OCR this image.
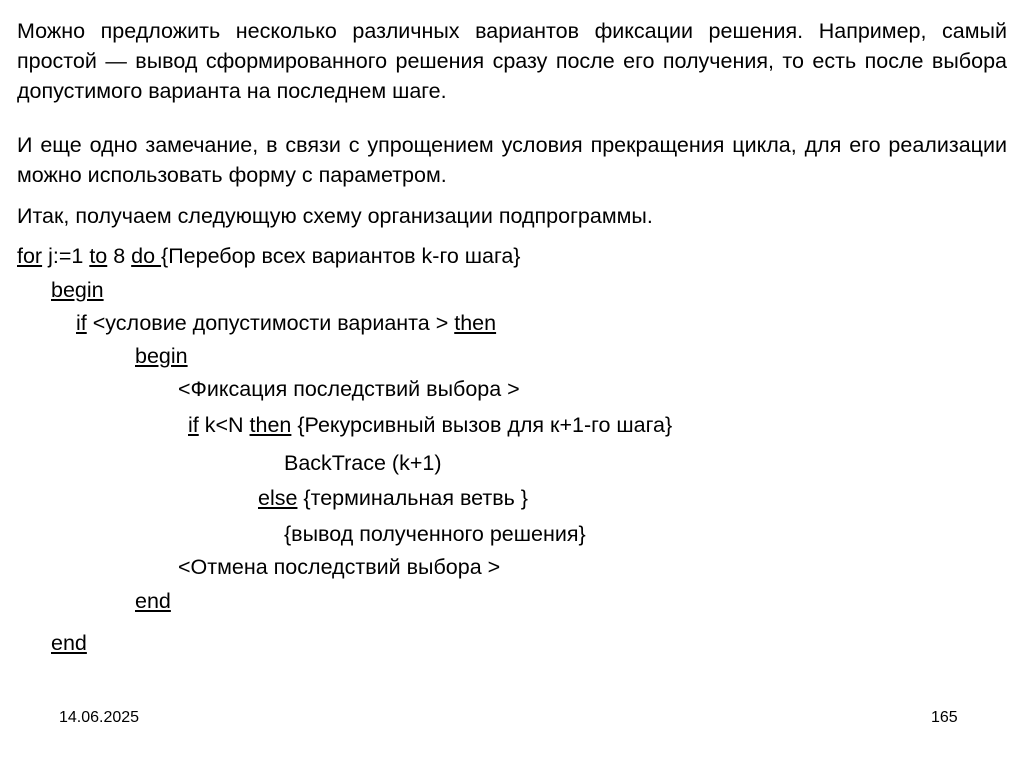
Можно предложить несколько различных вариантов фиксации решения. Например, самый простой — вывод сформированного решения сразу после его получения, то есть после выбора допустимого варианта на последнем шаге.

И еще одно замечание, в связи с упрощением условия прекращения цикла, для его реализации можно использовать форму с параметром.

Итак, получаем следующую схему организации подпрограммы.

for j:=1 to 8 do {Перебор всех вариантов k-го шага}
begin
if <условие допустимости варианта > then
begin
<Фиксация последствий выбора >
if k<N then {Рекурсивный вызов для к+1-го шага}
BackTrace (k+1)
else {терминальная ветвь }
{вывод полученного решения}
<Отмена последствий выбора >
end
end
14.06.2025	165
